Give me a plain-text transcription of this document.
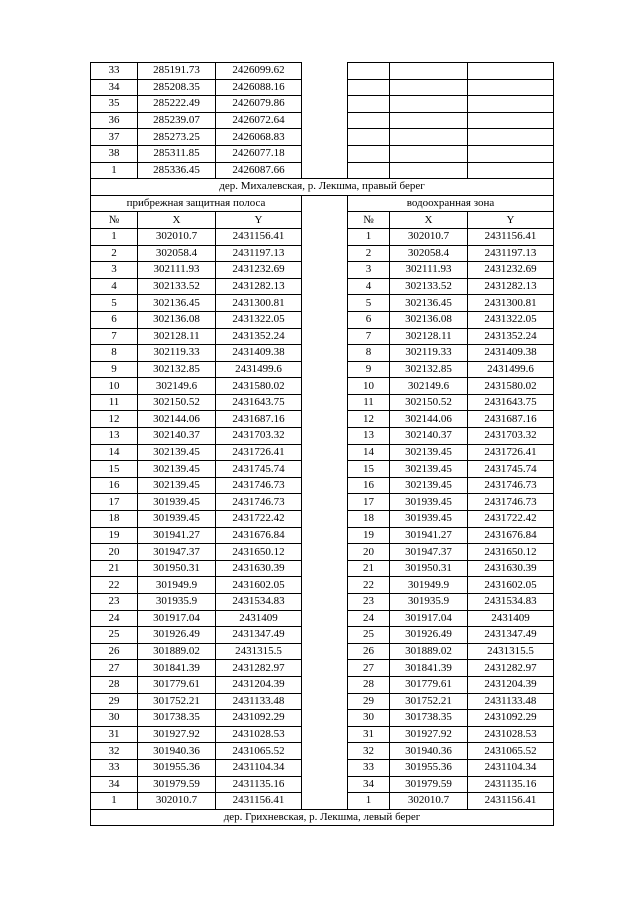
33	285191.73	2426099.62				
34	285208.35	2426088.16				
35	285222.49	2426079.86				
36	285239.07	2426072.64				
37	285273.25	2426068.83				
38	285311.85	2426077.18				
1	285336.45	2426087.66				
дер. Михалевская, р. Лекшма, правый берег						
прибрежная защитная полоса				водоохранная зона		
№	X	Y		№	X	Y
1	302010.7	2431156.41		1	302010.7	2431156.41
2	302058.4	2431197.13		2	302058.4	2431197.13
3	302111.93	2431232.69		3	302111.93	2431232.69
4	302133.52	2431282.13		4	302133.52	2431282.13
5	302136.45	2431300.81		5	302136.45	2431300.81
6	302136.08	2431322.05		6	302136.08	2431322.05
7	302128.11	2431352.24		7	302128.11	2431352.24
8	302119.33	2431409.38		8	302119.33	2431409.38
9	302132.85	2431499.6		9	302132.85	2431499.6
10	302149.6	2431580.02		10	302149.6	2431580.02
11	302150.52	2431643.75		11	302150.52	2431643.75
12	302144.06	2431687.16		12	302144.06	2431687.16
13	302140.37	2431703.32		13	302140.37	2431703.32
14	302139.45	2431726.41		14	302139.45	2431726.41
15	302139.45	2431745.74		15	302139.45	2431745.74
16	302139.45	2431746.73		16	302139.45	2431746.73
17	301939.45	2431746.73		17	301939.45	2431746.73
18	301939.45	2431722.42		18	301939.45	2431722.42
19	301941.27	2431676.84		19	301941.27	2431676.84
20	301947.37	2431650.12		20	301947.37	2431650.12
21	301950.31	2431630.39		21	301950.31	2431630.39
22	301949.9	2431602.05		22	301949.9	2431602.05
23	301935.9	2431534.83		23	301935.9	2431534.83
24	301917.04	2431409		24	301917.04	2431409
25	301926.49	2431347.49		25	301926.49	2431347.49
26	301889.02	2431315.5		26	301889.02	2431315.5
27	301841.39	2431282.97		27	301841.39	2431282.97
28	301779.61	2431204.39		28	301779.61	2431204.39
29	301752.21	2431133.48		29	301752.21	2431133.48
30	301738.35	2431092.29		30	301738.35	2431092.29
31	301927.92	2431028.53		31	301927.92	2431028.53
32	301940.36	2431065.52		32	301940.36	2431065.52
33	301955.36	2431104.34		33	301955.36	2431104.34
34	301979.59	2431135.16		34	301979.59	2431135.16
1	302010.7	2431156.41		1	302010.7	2431156.41
дер. Грихневская, р. Лекшма, левый берег						
